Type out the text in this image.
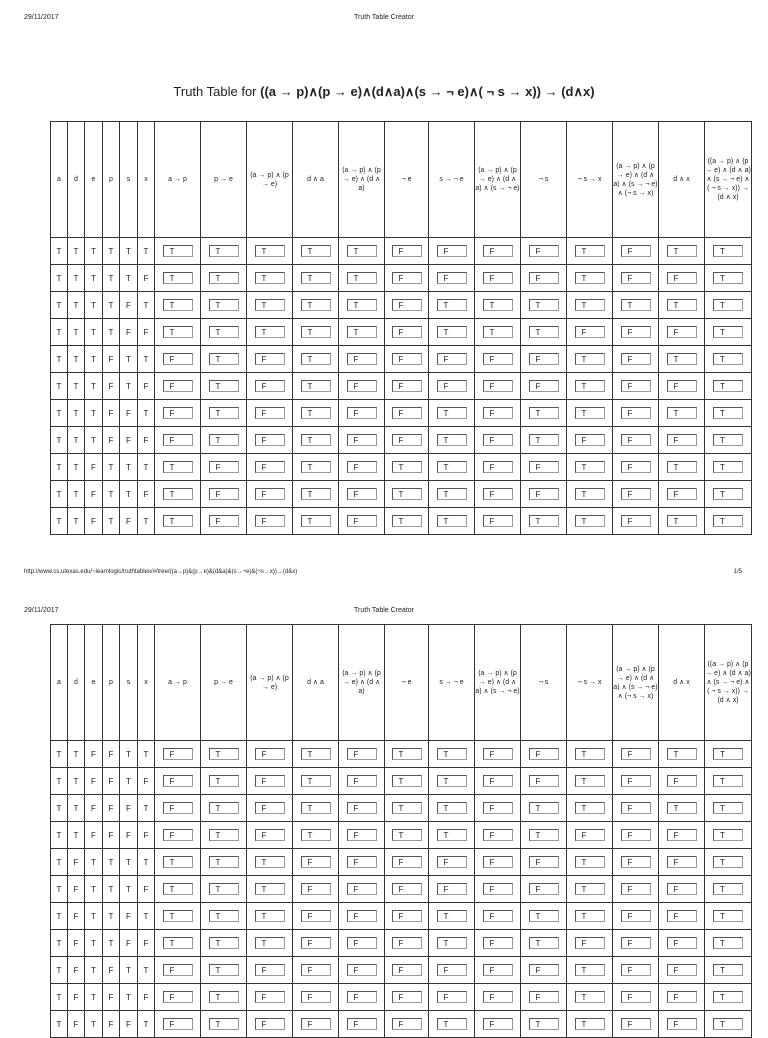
29/11/2017	Truth Table Creator
Truth Table for ((a → p)∧(p → e)∧(d∧a)∧(s → ¬ e)∧( ¬ s → x)) → (d∧x)
a	d	e	p	s	x	a → p	p → e	(a → p) ∧ (p → e)	d ∧ a	(a → p) ∧ (p → e) ∧ (d ∧ a)	¬ e	s → ¬ e	(a → p) ∧ (p → e) ∧ (d ∧ a) ∧ (s → ¬ e)	¬ s	¬ s → x	(a → p) ∧ (p → e) ∧ (d ∧ a) ∧ (s → ¬ e) ∧ (¬ s → x)	d ∧ x	((a → p) ∧ (p → e) ∧ (d ∧ a) ∧ (s → ¬ e) ∧ ( ¬ s → x)) → (d ∧ x)
T	T	T	T	T	T	T	T	T	T	T	F	F	F	F	T	F	T	T
T	T	T	T	T	F	T	T	T	T	T	F	F	F	F	T	F	F	T
T	T	T	T	F	T	T	T	T	T	T	F	T	T	T	T	T	T	T
T	T	T	T	F	F	T	T	T	T	T	F	T	T	T	F	F	F	T
T	T	T	F	T	T	F	T	F	T	F	F	F	F	F	T	F	T	T
T	T	T	F	T	F	F	T	F	T	F	F	F	F	F	T	F	F	T
T	T	T	F	F	T	F	T	F	T	F	F	T	F	T	T	F	T	T
T	T	T	F	F	F	F	T	F	T	F	F	T	F	T	F	F	F	T
T	T	F	T	T	T	T	F	F	T	F	T	T	F	F	T	F	T	T
T	T	F	T	T	F	T	F	F	T	F	T	T	F	F	T	F	F	T
T	T	F	T	F	T	T	F	F	T	F	T	T	F	T	T	F	T	T
http://www.cs.utexas.edu/~learnlogic/truthtables/#/tree/((a→p)&(p→e)&(d&a)&(s→¬e)&(¬s→x))→(d&x)	1/5
29/11/2017	Truth Table Creator
a	d	e	p	s	x	a → p	p → e	(a → p) ∧ (p → e)	d ∧ a	(a → p) ∧ (p → e) ∧ (d ∧ a)	¬ e	s → ¬ e	(a → p) ∧ (p → e) ∧ (d ∧ a) ∧ (s → ¬ e)	¬ s	¬ s → x	(a → p) ∧ (p → e) ∧ (d ∧ a) ∧ (s → ¬ e) ∧ (¬ s → x)	d ∧ x	((a → p) ∧ (p → e) ∧ (d ∧ a) ∧ (s → ¬ e) ∧ ( ¬ s → x)) → (d ∧ x)
T	T	F	F	T	T	F	T	F	T	F	T	T	F	F	T	F	T	T
T	T	F	F	T	F	F	T	F	T	F	T	T	F	F	T	F	F	T
T	T	F	F	F	T	F	T	F	T	F	T	T	F	T	T	F	T	T
T	T	F	F	F	F	F	T	F	T	F	T	T	F	T	F	F	F	T
T	F	T	T	T	T	T	T	T	F	F	F	F	F	F	T	F	F	T
T	F	T	T	T	F	T	T	T	F	F	F	F	F	F	T	F	F	T
T	F	T	T	F	T	T	T	T	F	F	F	T	F	T	T	F	F	T
T	F	T	T	F	F	T	T	T	F	F	F	T	F	T	F	F	F	T
T	F	T	F	T	T	F	T	F	F	F	F	F	F	F	T	F	F	T
T	F	T	F	T	F	F	T	F	F	F	F	F	F	F	T	F	F	T
T	F	T	F	F	T	F	T	F	F	F	F	T	F	T	T	F	F	T
